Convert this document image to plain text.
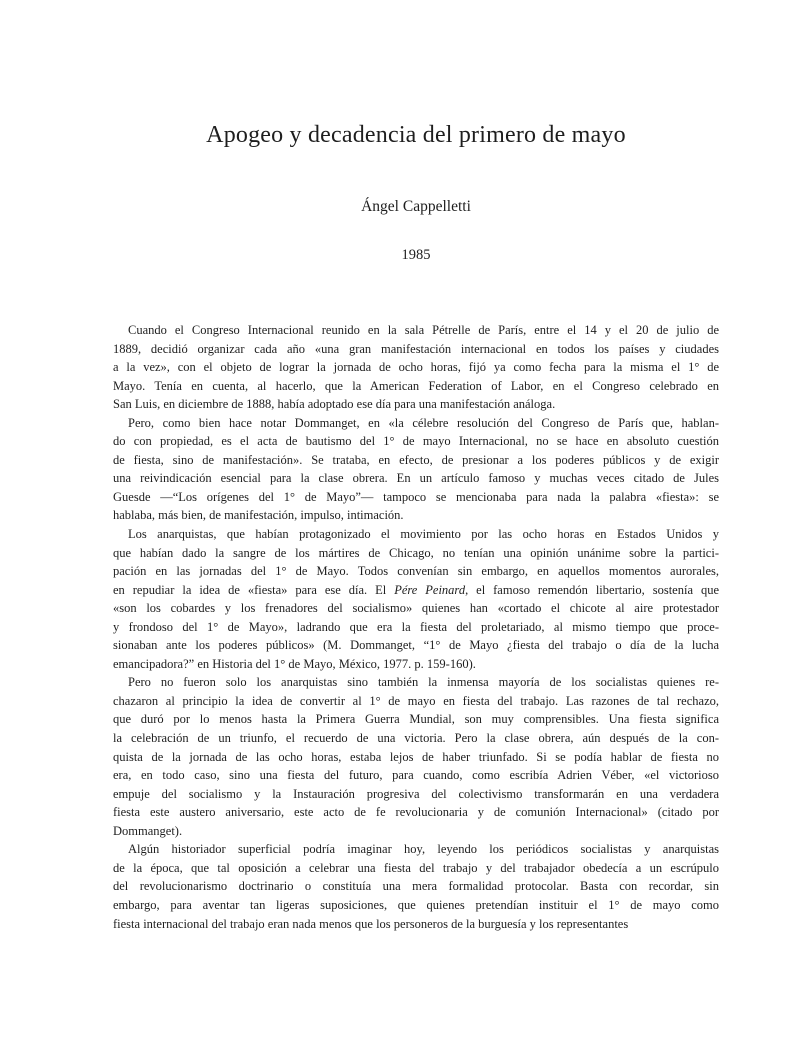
Apogeo y decadencia del primero de mayo
Ángel Cappelletti
1985
Cuando el Congreso Internacional reunido en la sala Pétrelle de París, entre el 14 y el 20 de julio de
1889, decidió organizar cada año «una gran manifestación internacional en todos los países y ciudades
a la vez», con el objeto de lograr la jornada de ocho horas, fijó ya como fecha para la misma el 1° de
Mayo. Tenía en cuenta, al hacerlo, que la American Federation of Labor, en el Congreso celebrado en
San Luis, en diciembre de 1888, había adoptado ese día para una manifestación análoga.
Pero, como bien hace notar Dommanget, en «la célebre resolución del Congreso de París que, hablan-
do con propiedad, es el acta de bautismo del 1° de mayo Internacional, no se hace en absoluto cuestión
de fiesta, sino de manifestación». Se trataba, en efecto, de presionar a los poderes públicos y de exigir
una reivindicación esencial para la clase obrera. En un artículo famoso y muchas veces citado de Jules
Guesde —“Los orígenes del 1° de Mayo”— tampoco se mencionaba para nada la palabra «fiesta»: se
hablaba, más bien, de manifestación, impulso, intimación.
Los anarquistas, que habían protagonizado el movimiento por las ocho horas en Estados Unidos y
que habían dado la sangre de los mártires de Chicago, no tenían una opinión unánime sobre la partici-
pación en las jornadas del 1° de Mayo. Todos convenían sin embargo, en aquellos momentos aurorales,
en repudiar la idea de «fiesta» para ese día. El Pére Peinard, el famoso remendón libertario, sostenía que
«son los cobardes y los frenadores del socialismo» quienes han «cortado el chicote al aire protestador
y frondoso del 1° de Mayo», ladrando que era la fiesta del proletariado, al mismo tiempo que proce-
sionaban ante los poderes públicos» (M. Dommanget, “1° de Mayo ¿fiesta del trabajo o día de la lucha
emancipadora?” en Historia del 1° de Mayo, México, 1977. p. 159-160).
Pero no fueron solo los anarquistas sino también la inmensa mayoría de los socialistas quienes re-
chazaron al principio la idea de convertir al 1° de mayo en fiesta del trabajo. Las razones de tal rechazo,
que duró por lo menos hasta la Primera Guerra Mundial, son muy comprensibles. Una fiesta significa
la celebración de un triunfo, el recuerdo de una victoria. Pero la clase obrera, aún después de la con-
quista de la jornada de las ocho horas, estaba lejos de haber triunfado. Si se podía hablar de fiesta no
era, en todo caso, sino una fiesta del futuro, para cuando, como escribía Adrien Véber, «el victorioso
empuje del socialismo y la Instauración progresiva del colectivismo transformarán en una verdadera
fiesta este austero aniversario, este acto de fe revolucionaria y de comunión Internacional» (citado por
Dommanget).
Algún historiador superficial podría imaginar hoy, leyendo los periódicos socialistas y anarquistas
de la época, que tal oposición a celebrar una fiesta del trabajo y del trabajador obedecía a un escrúpulo
del revolucionarismo doctrinario o constituía una mera formalidad protocolar. Basta con recordar, sin
embargo, para aventar tan ligeras suposiciones, que quienes pretendían instituir el 1° de mayo como
fiesta internacional del trabajo eran nada menos que los personeros de la burguesía y los representantes
